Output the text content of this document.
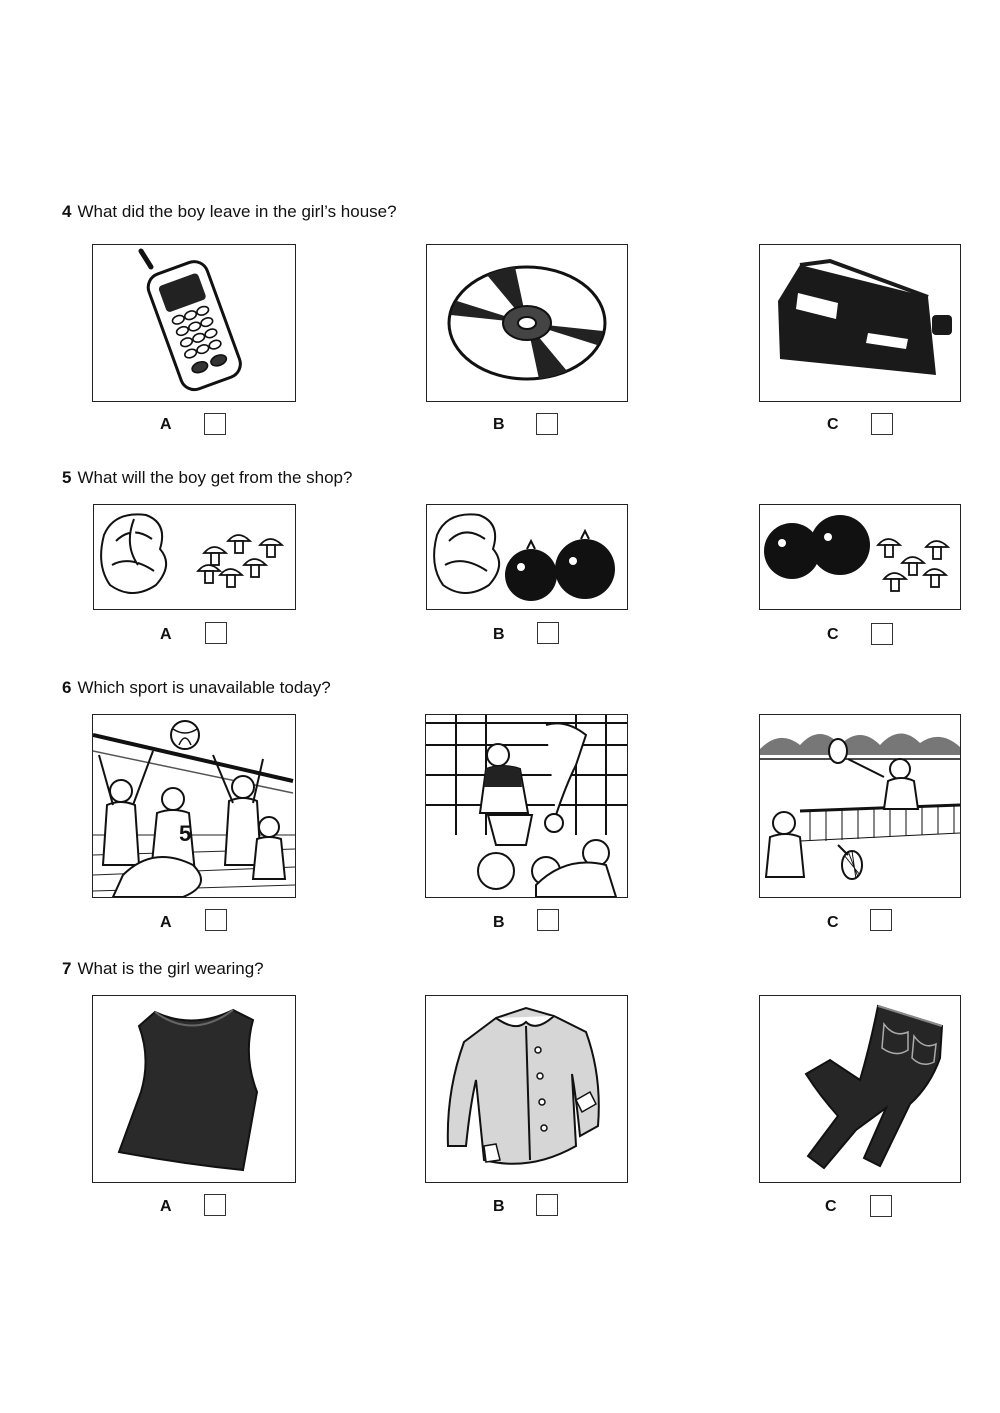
4 What did the boy leave in the girl’s house?
A	B	C
5 What will the boy get from the shop?
A	B	C
6 Which sport is unavailable today?
5
A	B	C
7 What is the girl wearing?
A	B	C
